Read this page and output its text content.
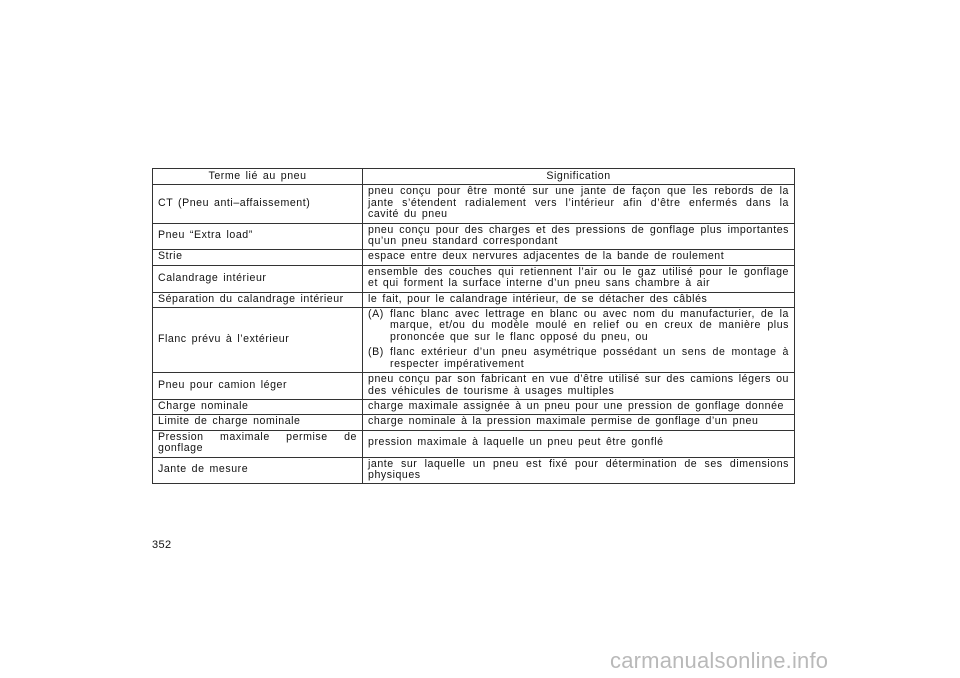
Terme lié au pneu	Signification
CT (Pneu anti–affaissement)	pneu conçu pour être monté sur une jante de façon que les rebords de la jante s’étendent radialement vers l’intérieur afin d’être enfermés dans la cavité du pneu
Pneu “Extra load”	pneu conçu pour des charges et des pressions de gonflage plus importantes qu’un pneu standard correspondant
Strie	espace entre deux nervures adjacentes de la bande de roulement
Calandrage intérieur	ensemble des couches qui retiennent l’air ou le gaz utilisé pour le gonflage et qui forment la surface interne d’un pneu sans chambre à air
Séparation du calandrage intérieur	le fait, pour le calandrage intérieur, de se détacher des câblés
Flanc prévu à l’extérieur	(A) flanc blanc avec lettrage en blanc ou avec nom du manufacturier, de la marque, et/ou du modèle moulé en relief ou en creux de manière plus prononcée que sur le flanc opposé du pneu, ou
(B) flanc extérieur d’un pneu asymétrique possédant un sens de montage à respecter impérativement

Pneu pour camion léger	pneu conçu par son fabricant en vue d’être utilisé sur des camions légers ou des véhicules de tourisme à usages multiples
Charge nominale	charge maximale assignée à un pneu pour une pression de gonflage donnée
Limite de charge nominale	charge nominale à la pression maximale permise de gonflage d’un pneu
Pression maximale permise de gonflage	pression maximale à laquelle un pneu peut être gonflé
Jante de mesure	jante sur laquelle un pneu est fixé pour détermination de ses dimensions physiques
352
carmanualsonline.info
